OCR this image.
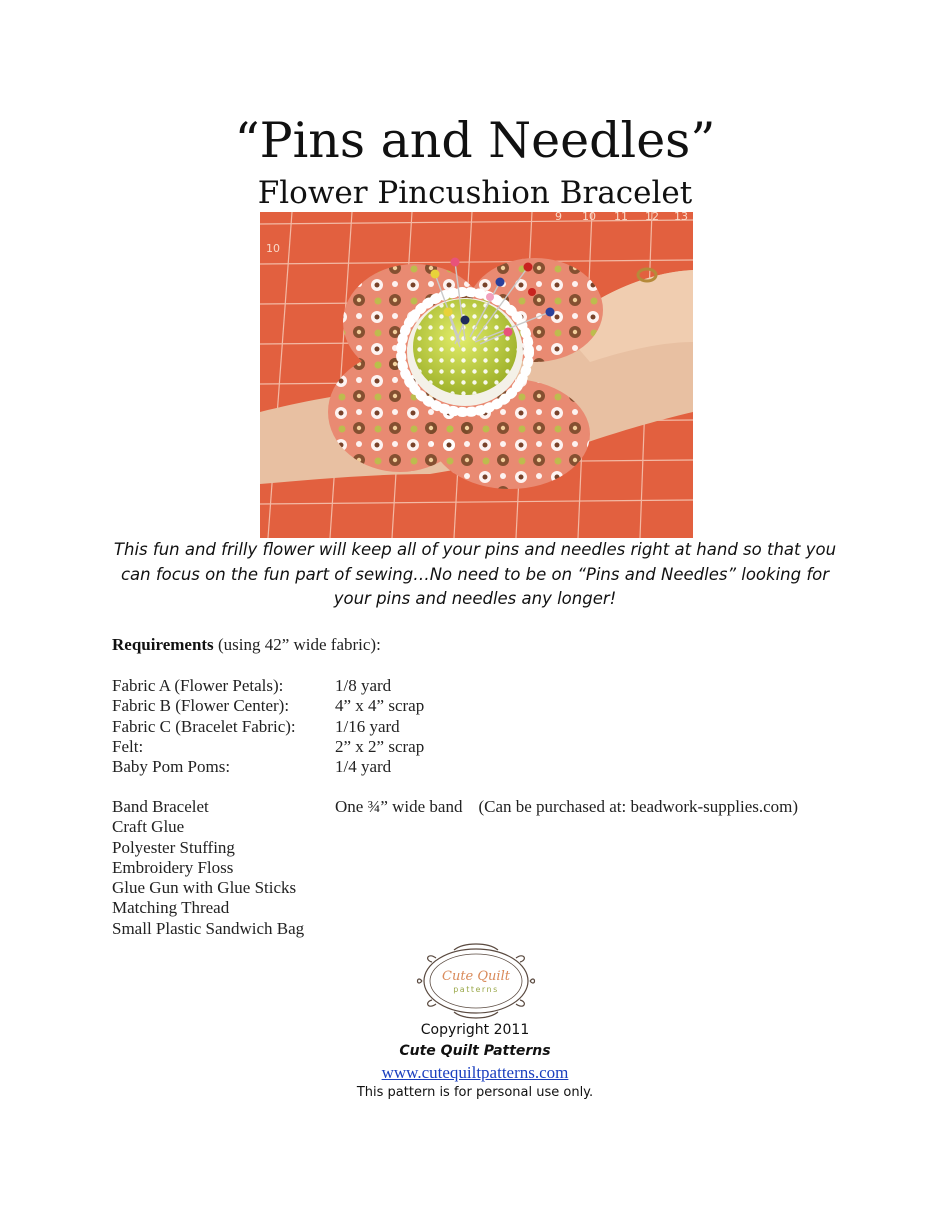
“Pins and Needles”
Flower Pincushion Bracelet
9 10 11 12 13
10

This fun and frilly flower will keep all of your pins and needles right at hand so that you

can focus on the fun part of sewing…No need to be on “Pins and Needles” looking for

your pins and needles any longer!

Requirements (using 42” wide fabric):
Fabric A (Flower Petals):	1/8 yard
Fabric B (Flower Center):	4” x 4” scrap
Fabric C (Bracelet Fabric):	1/16 yard
Felt:	2” x 2” scrap
Baby Pom Poms:	1/4 yard
Band Bracelet	One ¾” wide band (Can be purchased at: beadwork-supplies.com)
Craft Glue
Polyester Stuffing
Embroidery Floss
Glue Gun with Glue Sticks
Matching Thread
Small Plastic Sandwich Bag
Cute Quilt
patterns
Copyright 2011
Cute Quilt Patterns
www.cutequiltpatterns.com
This pattern is for personal use only.
